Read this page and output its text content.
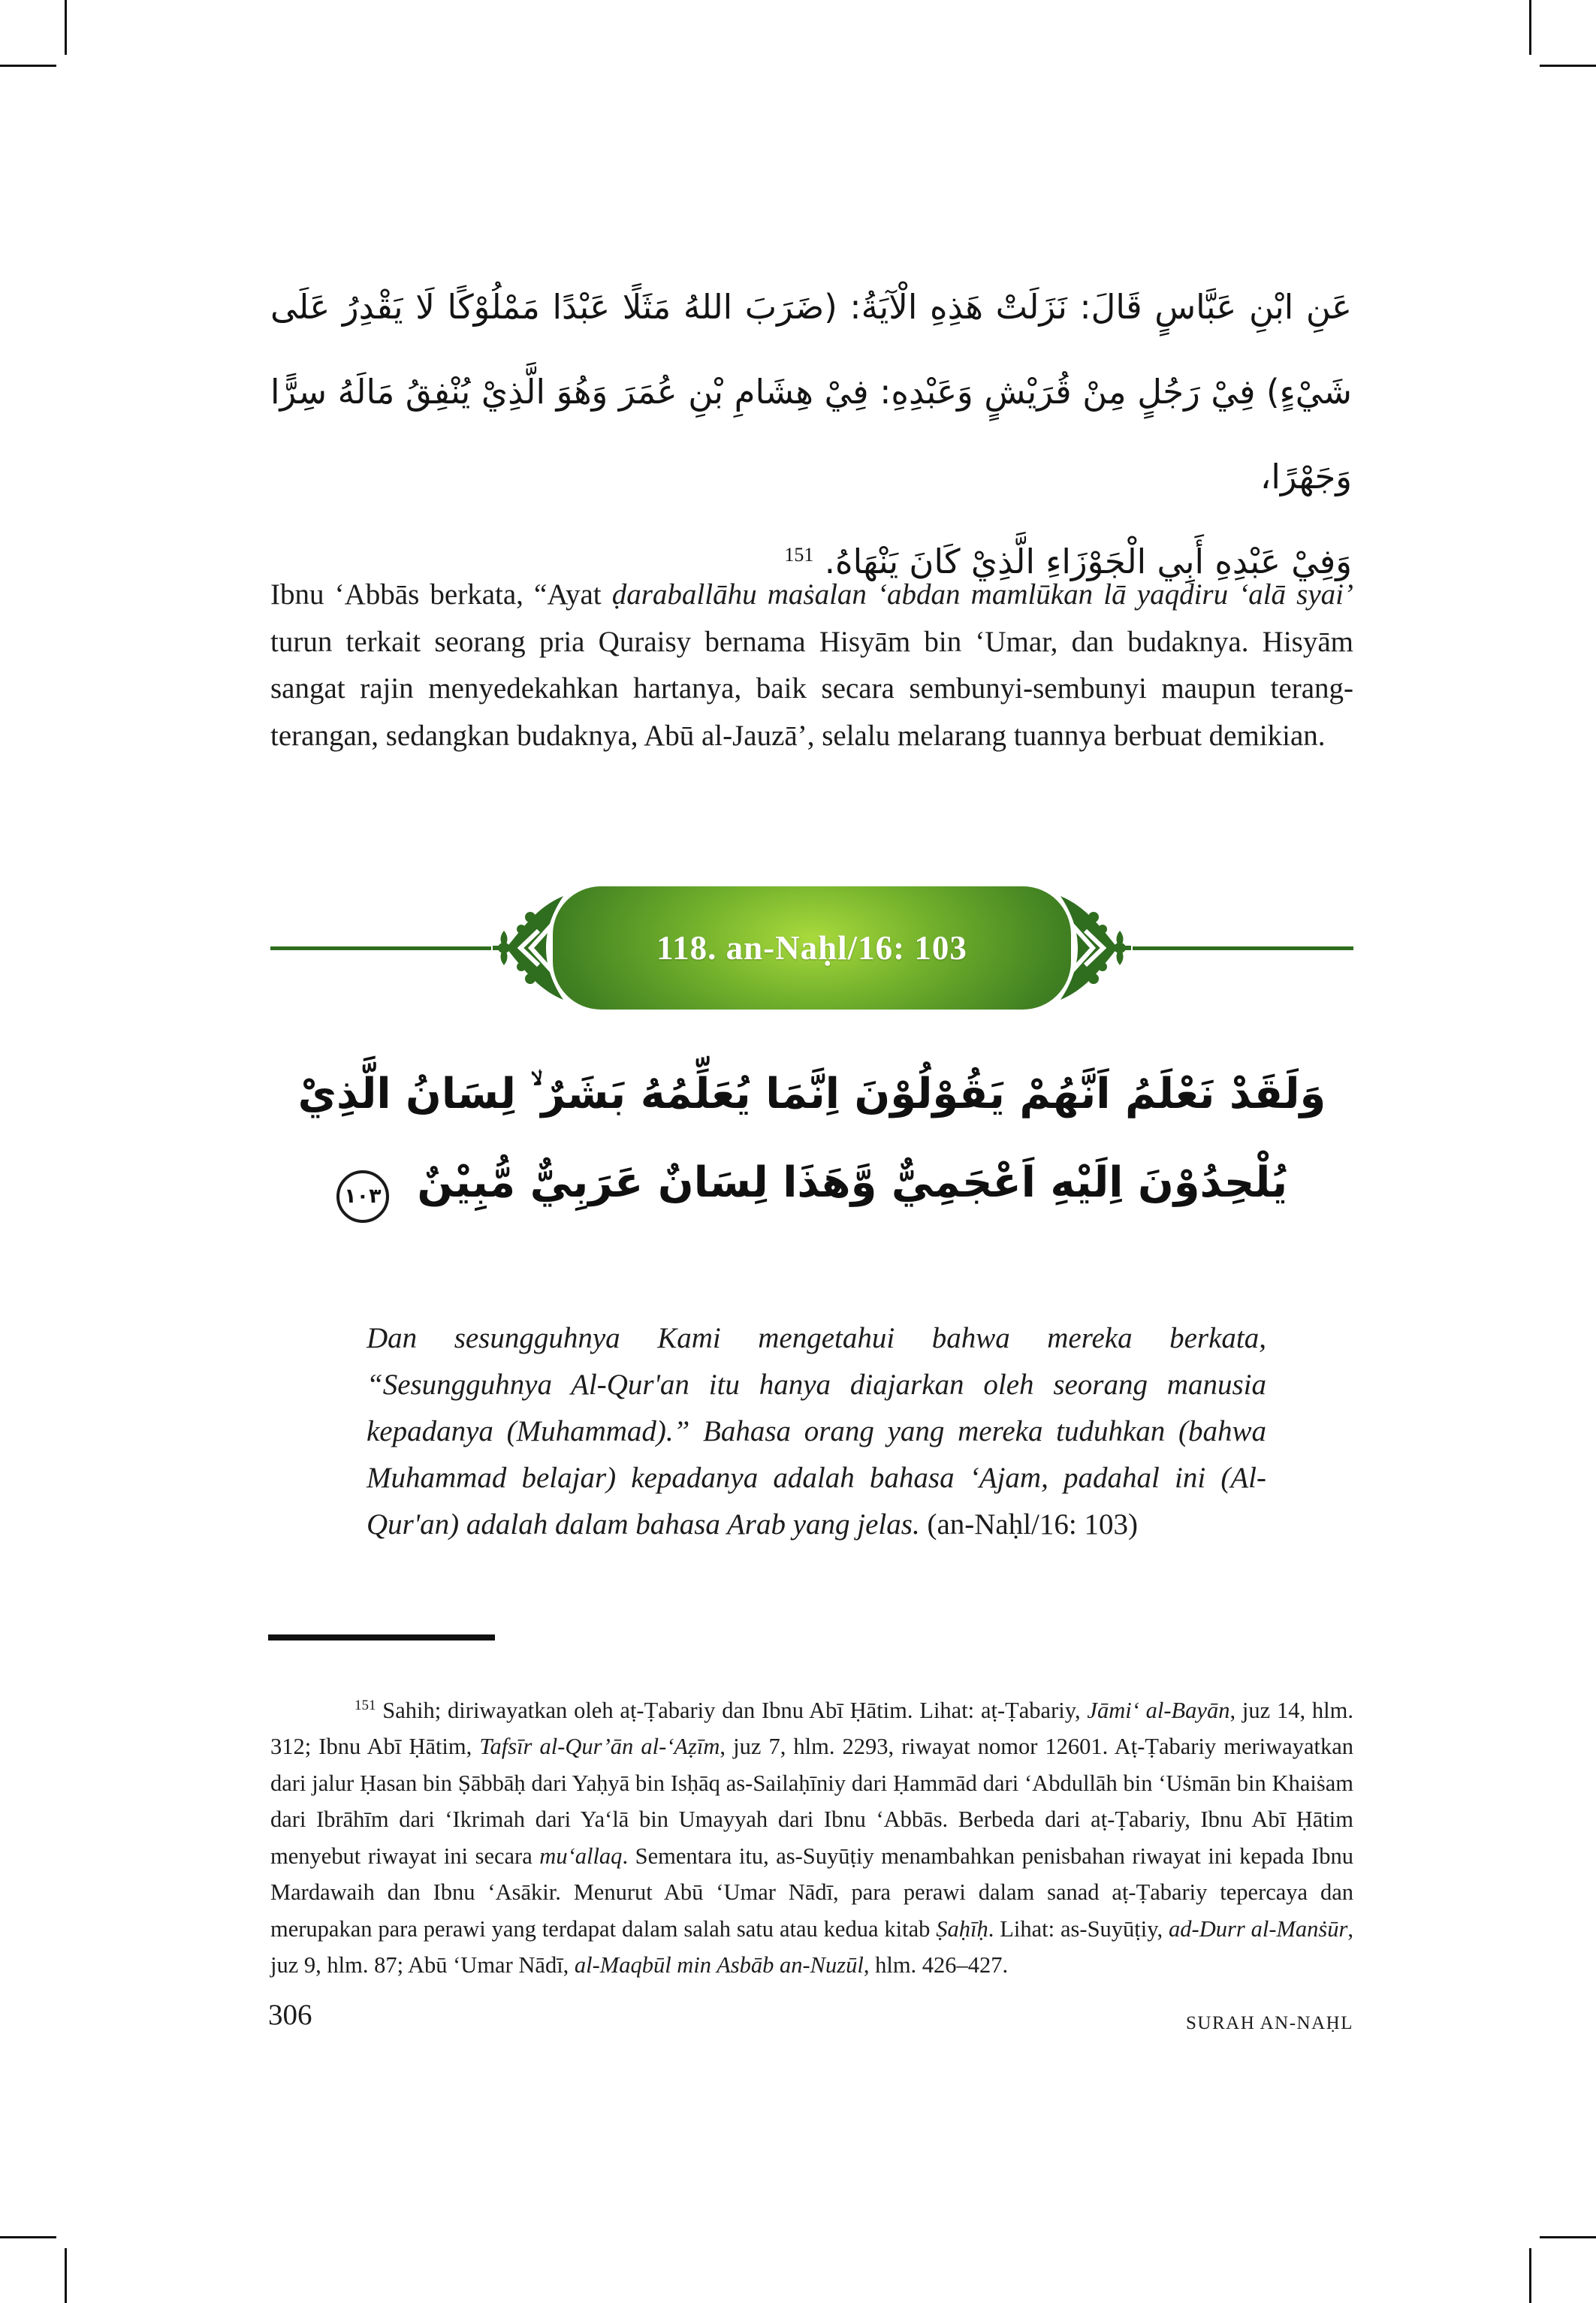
عَنِ ابْنِ عَبَّاسٍ قَالَ: نَزَلَتْ هَذِهِ الْآيَةُ: (ضَرَبَ اللهُ مَثَلًا عَبْدًا مَمْلُوْكًا لَا يَقْدِرُ عَلَى
شَيْءٍ) فِيْ رَجُلٍ مِنْ قُرَيْشٍ وَعَبْدِهِ: فِيْ هِشَامِ بْنِ عُمَرَ وَهُوَ الَّذِيْ يُنْفِقُ مَالَهُ سِرًّا وَجَهْرًا،
وَفِيْ عَبْدِهِ أَبِي الْجَوْزَاءِ الَّذِيْ كَانَ يَنْهَاهُ. $^{151}$

Ibnu ‘Abbās berkata, “Ayat ḍaraballāhu maṡalan ‘abdan mamlūkan lā yaqdiru ‘alā syai’ turun terkait seorang pria Quraisy bernama Hisyām bin ‘Umar, dan budaknya. Hisyām sangat rajin menyedekahkan hartanya, baik secara sembunyi-sembunyi maupun terang-terangan, sedangkan budaknya, Abū al-Jauzā’, selalu melarang tuannya berbuat demikian.

118. an-Naḥl/16: 103
وَلَقَدْ نَعْلَمُ اَنَّهُمْ يَقُوْلُوْنَ اِنَّمَا يُعَلِّمُهُ بَشَرٌ ۙ لِسَانُ الَّذِيْ
يُلْحِدُوْنَ اِلَيْهِ اَعْجَمِيٌّ وَّهَذَا لِسَانٌ عَرَبِيٌّ مُّبِيْنٌ ١٠٣

Dan sesungguhnya Kami mengetahui bahwa mereka berkata, “Sesungguhnya Al-Qur'an itu hanya diajarkan oleh seorang manusia kepadanya (Muhammad).” Bahasa orang yang mereka tuduhkan (bahwa Muhammad belajar) kepadanya adalah bahasa ‘Ajam, padahal ini (Al-Qur'an) adalah dalam bahasa Arab yang jelas. (an-Naḥl/16: 103)

$^{151}$ Sahih; diriwayatkan oleh aṭ-Ṭabariy dan Ibnu Abī Ḥātim. Lihat: aṭ-Ṭabariy, Jāmi‘ al-Bayān, juz 14, hlm. 312; Ibnu Abī Ḥātim, Tafsīr al-Qur’ān al-‘Aẓīm, juz 7, hlm. 2293, riwayat nomor 12601. Aṭ-Ṭabariy meriwayatkan dari jalur Ḥasan bin Ṣābbāḥ dari Yaḥyā bin Isḥāq as-Sailaḥīniy dari Ḥammād dari ‘Abdullāh bin ‘Uṡmān bin Khaiṡam dari Ibrāhīm dari ‘Ikrimah dari Ya‘lā bin Umayyah dari Ibnu ‘Abbās. Berbeda dari aṭ-Ṭabariy, Ibnu Abī Ḥātim menyebut riwayat ini secara mu‘allaq. Sementara itu, as-Suyūṭiy menambahkan penisbahan riwayat ini kepada Ibnu Mardawaih dan Ibnu ‘Asākir. Menurut Abū ‘Umar Nādī, para perawi dalam sanad aṭ-Ṭabariy tepercaya dan merupakan para perawi yang terdapat dalam salah satu atau kedua kitab Ṣaḥīḥ. Lihat: as-Suyūṭiy, ad-Durr al-Manṡūr, juz 9, hlm. 87; Abū ‘Umar Nādī, al-Maqbūl min Asbāb an-Nuzūl, hlm. 426–427.

306	SURAH AN-NAḤL
